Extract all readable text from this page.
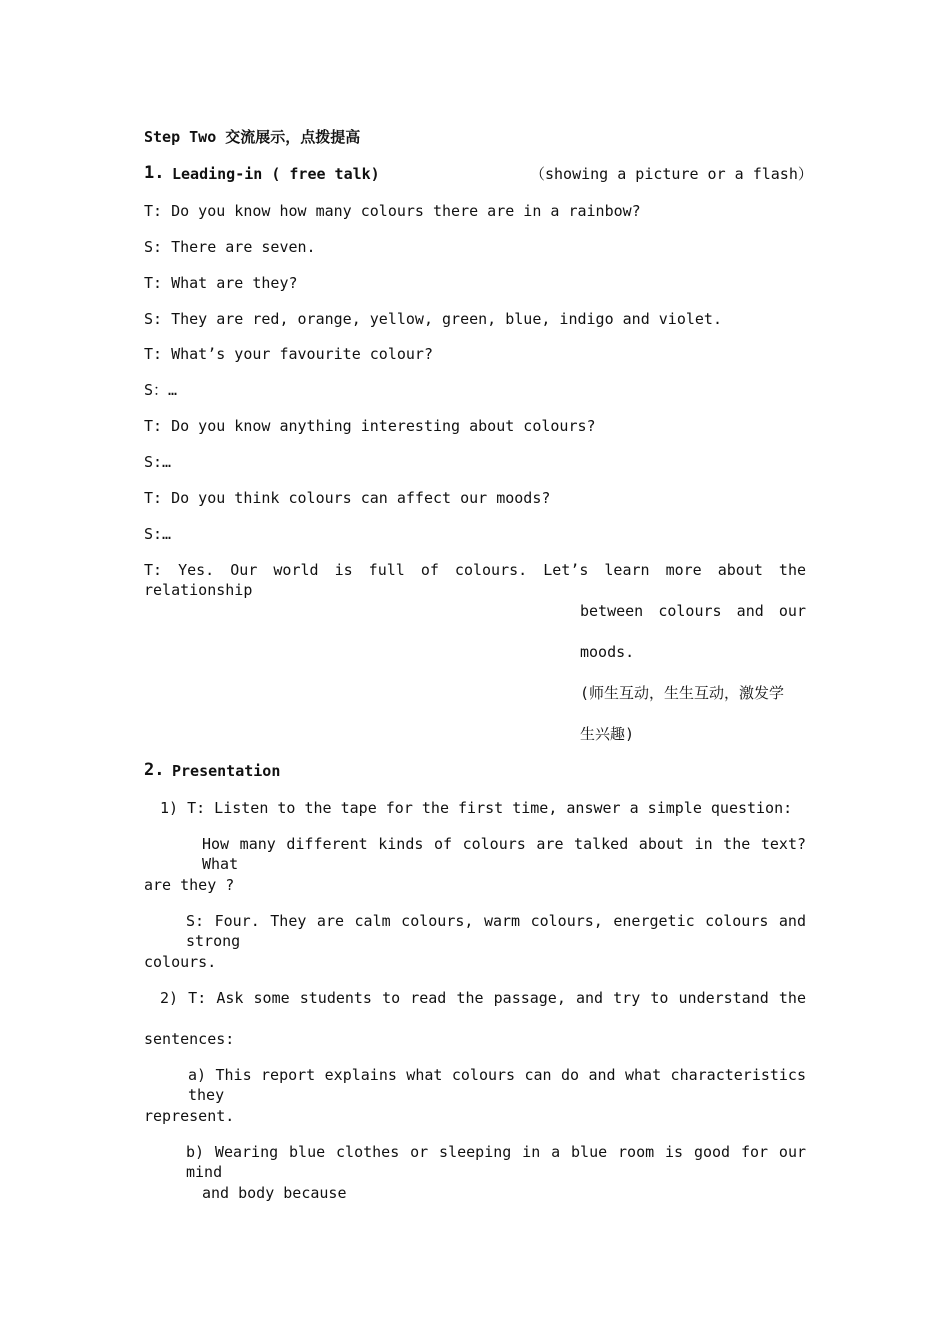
Step Two 交流展示，点拨提高
1. Leading-in ( free talk)	（showing a picture or a flash）
T: Do you know how many colours there are in a rainbow?
S: There are seven.
T: What are they?
S: They are red, orange, yellow, green, blue, indigo and violet.
T: What’s your favourite colour?
S：…
T: Do you know anything interesting about colours?
S:…
T: Do you think colours can affect our moods?
S:…
T: Yes. Our world is full of colours. Let’s learn more about the relationship
between colours and our
moods.
(师生互动，生生互动，激发学
生兴趣)
2. Presentation
1) T: Listen to the tape for the first time, answer a simple question:
How many different kinds of colours are talked about in the text? What
are they ?
S: Four. They are calm colours, warm colours, energetic colours and strong
colours.
2) T: Ask some students to read the passage, and try to understand the
sentences:
a) This report explains what colours can do and what characteristics they
represent.
b) Wearing blue clothes or sleeping in a blue room is good for our mind
and body because
